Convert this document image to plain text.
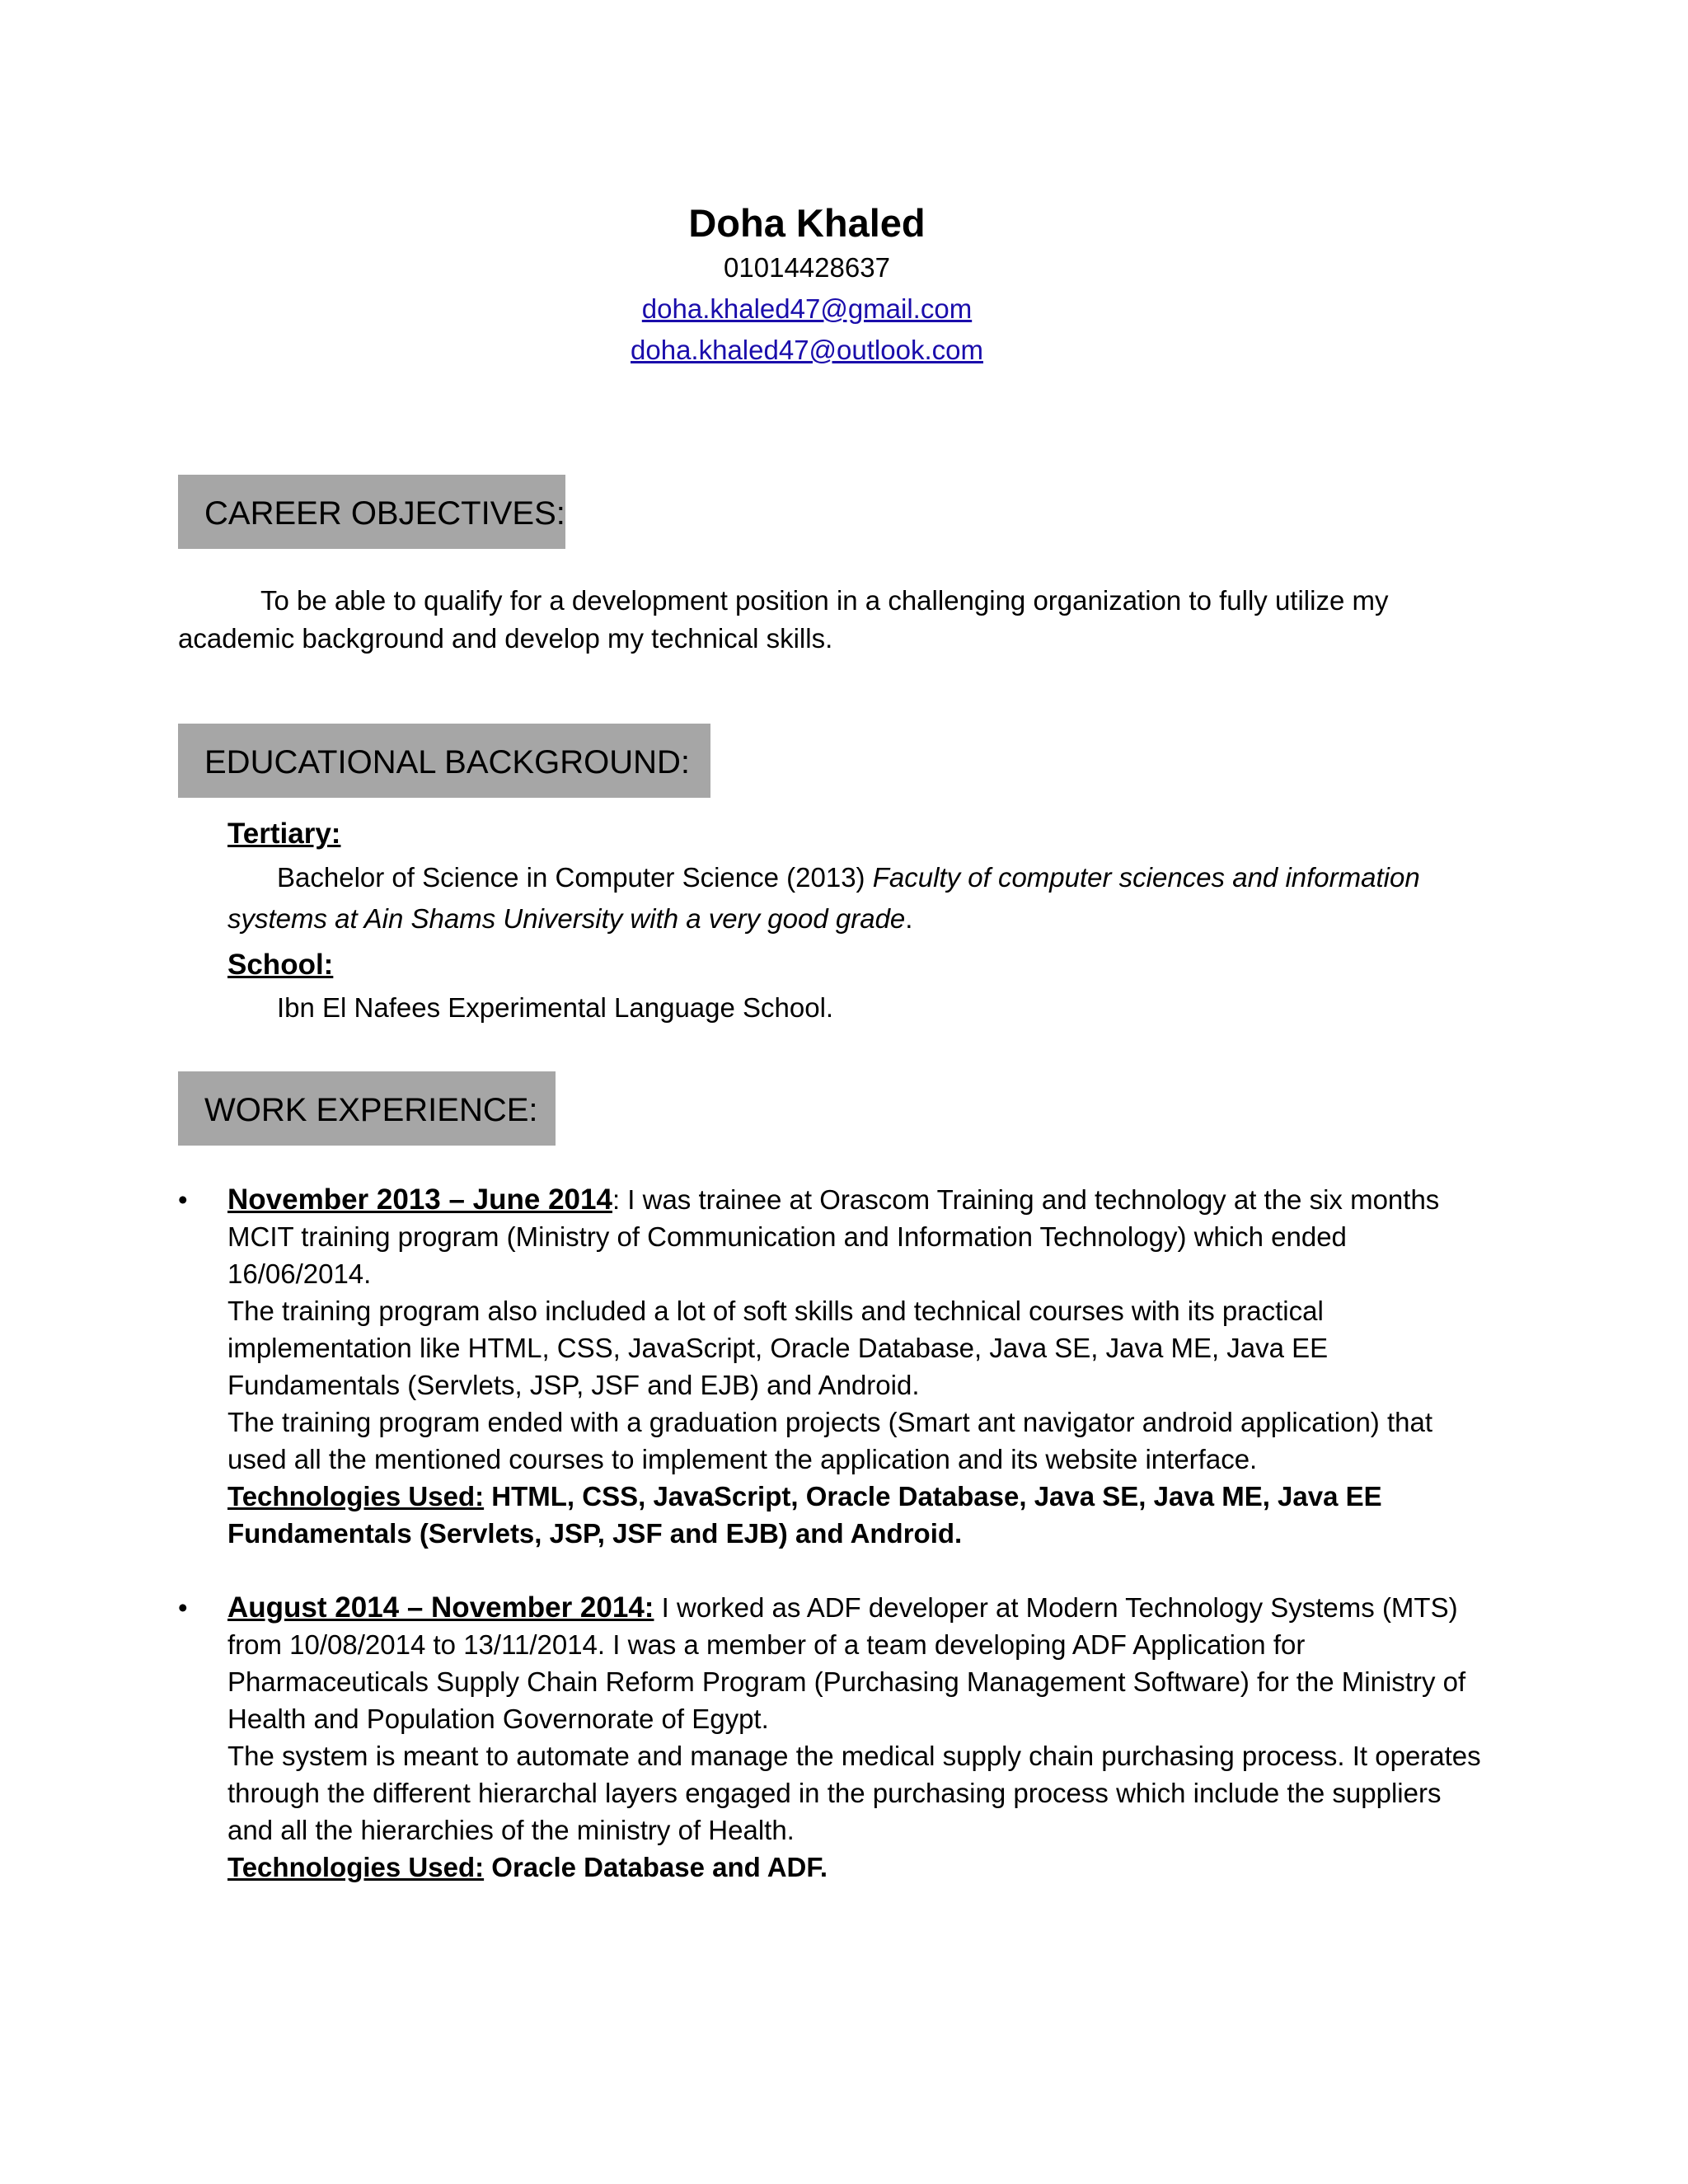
Doha Khaled

01014428637

doha.khaled47@gmail.com

doha.khaled47@outlook.com

CAREER OBJECTIVES:

To be able to qualify for a development position in a challenging organization to fully utilize my academic background and develop my technical skills.

EDUCATIONAL BACKGROUND:

Tertiary:

Bachelor of Science in Computer Science (2013) Faculty of computer sciences and information systems at Ain Shams University with a very good grade.

School:

Ibn El Nafees Experimental Language School.

WORK EXPERIENCE:
• November 2013 – June 2014: I was trainee at Orascom Training and technology at the six months MCIT training program (Ministry of Communication and Information Technology) which ended 16/06/2014.

The training program also included a lot of soft skills and technical courses with its practical implementation like HTML, CSS, JavaScript, Oracle Database, Java SE, Java ME, Java EE Fundamentals (Servlets, JSP, JSF and EJB) and Android.

The training program ended with a graduation projects (Smart ant navigator android application) that used all the mentioned courses to implement the application and its website interface.

Technologies Used: HTML, CSS, JavaScript, Oracle Database, Java SE, Java ME, Java EE Fundamentals (Servlets, JSP, JSF and EJB) and Android.

• August 2014 – November 2014: I worked as ADF developer at Modern Technology Systems (MTS) from 10/08/2014 to 13/11/2014. I was a member of a team developing ADF Application for Pharmaceuticals Supply Chain Reform Program (Purchasing Management Software) for the Ministry of Health and Population Governorate of Egypt.

The system is meant to automate and manage the medical supply chain purchasing process. It operates through the different hierarchal layers engaged in the purchasing process which include the suppliers and all the hierarchies of the ministry of Health.

Technologies Used: Oracle Database and ADF.
